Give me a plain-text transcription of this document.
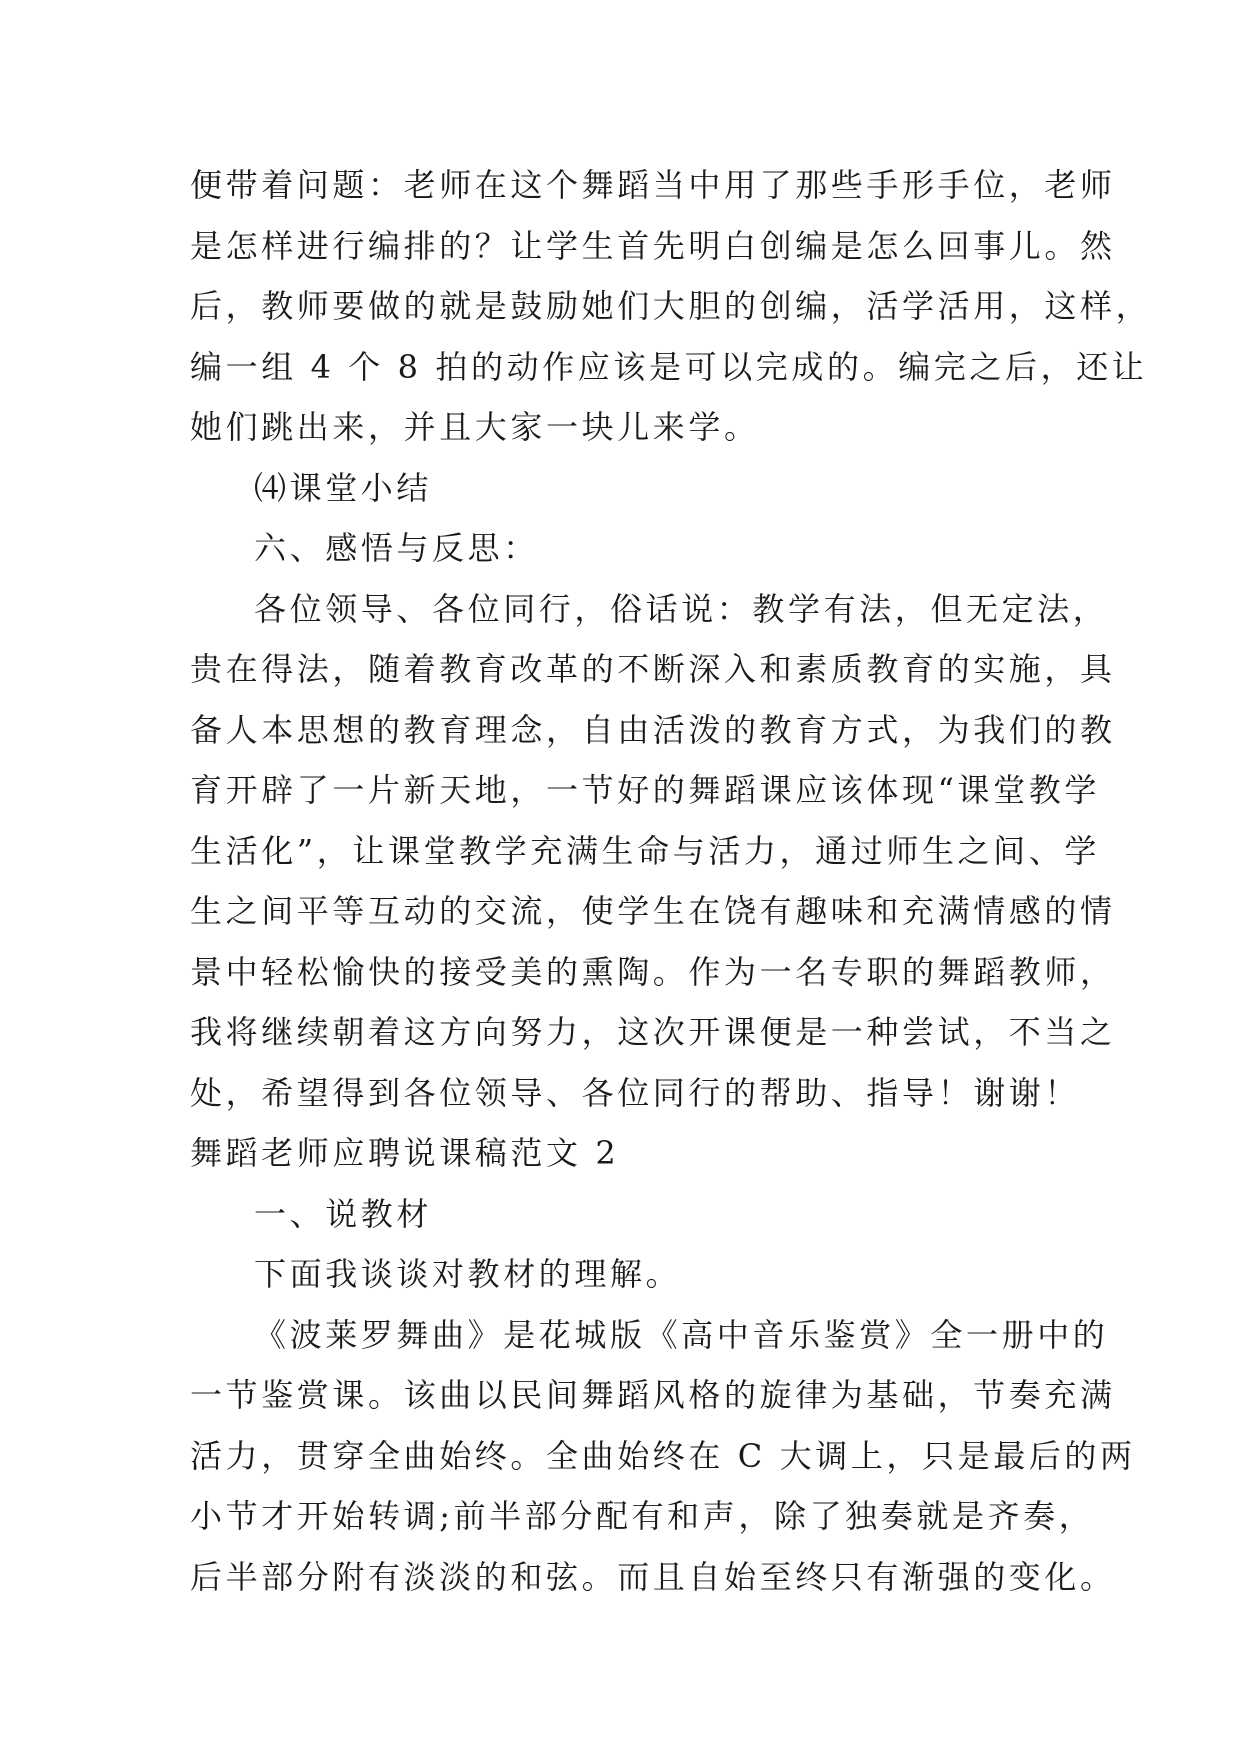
便带着问题：老师在这个舞蹈当中用了那些手形手位，老师
是怎样进行编排的？让学生首先明白创编是怎么回事儿。然
后，教师要做的就是鼓励她们大胆的创编，活学活用，这样，
编一组 4 个 8 拍的动作应该是可以完成的。编完之后，还让
她们跳出来，并且大家一块儿来学。
⑷课堂小结
六、感悟与反思：
各位领导、各位同行，俗话说：教学有法，但无定法，
贵在得法，随着教育改革的不断深入和素质教育的实施，具
备人本思想的教育理念，自由活泼的教育方式，为我们的教
育开辟了一片新天地，一节好的舞蹈课应该体现“课堂教学
生活化”，让课堂教学充满生命与活力，通过师生之间、学
生之间平等互动的交流，使学生在饶有趣味和充满情感的情
景中轻松愉快的接受美的熏陶。作为一名专职的舞蹈教师，
我将继续朝着这方向努力，这次开课便是一种尝试，不当之
处，希望得到各位领导、各位同行的帮助、指导！谢谢！
舞蹈老师应聘说课稿范文 2
一、说教材
下面我谈谈对教材的理解。
《波莱罗舞曲》是花城版《高中音乐鉴赏》全一册中的
一节鉴赏课。该曲以民间舞蹈风格的旋律为基础，节奏充满
活力，贯穿全曲始终。全曲始终在 C 大调上，只是最后的两
小节才开始转调;前半部分配有和声，除了独奏就是齐奏，
后半部分附有淡淡的和弦。而且自始至终只有渐强的变化。
